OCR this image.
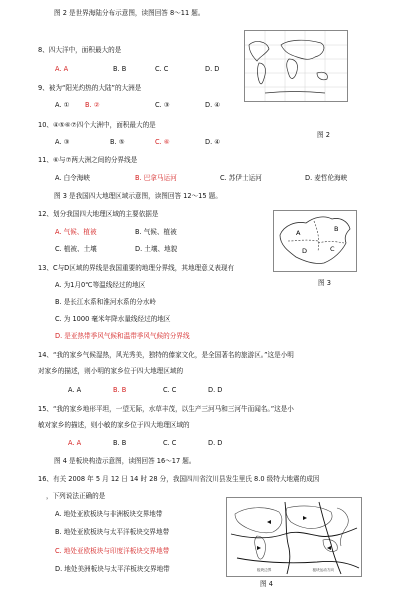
图 2 是世界海陆分布示意图，读图回答 8～11 题。
图 2
8、四大洋中，面积最大的是
A. A	B. B	C. C	D. D
9、被为“阳光灼热的大陆”的大洲是
A. ① B. ②	C. ③	D. ④
10、④⑤⑥⑦四个大洲中，面积最大的是
A. ③	B. ⑤	C. ⑥	D. ④
11、⑥与⑦两大洲之间的分界线是
A. 白令海峡	B. 巴拿马运河	C. 苏伊士运河	D. 麦哲伦海峡
图 3 是我国四大地理区域示意图，读图回答 12～15 题。
A	B
C
D
图 3
12、划分我国四大地理区域的主要依据是
A. 气候、植被	B. 气候、植被
C. 植被、土壤	D. 土壤、地貌
13、C与D区域的界线是我国重要的地理分界线，其地理意义表现有
A. 为1月0℃等温线经过的地区
B. 是长江水系和淮河水系的分水岭
C. 为 1000 毫米年降水量线经过的地区
D. 是亚热带季风气候和温带季风气候的分界线
14、“我的家乡气候湿热，风光秀美，独特的傣家文化，是全国著名的旅游区。”这是小明
对家乡的描述，则小明的家乡位于四大地理区域的
A. A	B. B	C. C	D. D
15、“我的家乡地形平坦，一望无际，水草丰茂，以生产三河马和三河牛而闻名。”这是小
敏对家乡的描述，则小敏的家乡位于四大地理区域的
A. A	B. B	C. C	D. D
图 4 是板块构造示意图，读图回答 16～17 题。
16、有关 2008 年 5 月 12 日 14 时 28 分，我国四川省汶川县发生里氏 8.0 级特大地震的成因
，下列说法正确的是
A. 地处亚欧板块与非洲板块交界地带
B. 地处亚欧板块与太平洋板块交界地带
C. 地处亚欧板块与印度洋板块交界地带
D. 地处美洲板块与太平洋板块交界地带	板块边界	板块运动方向
图 4
